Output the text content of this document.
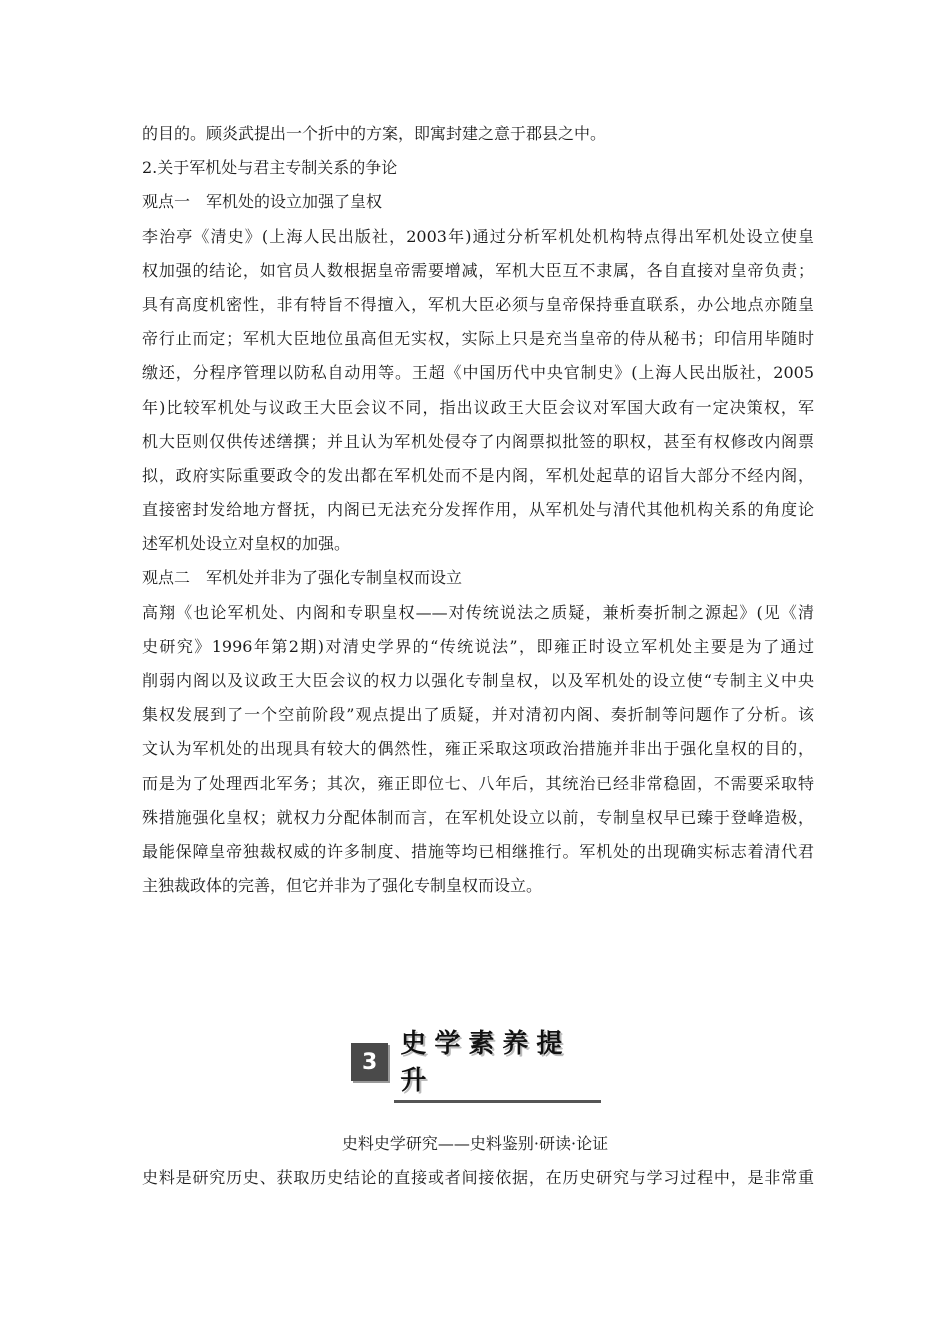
的目的。顾炎武提出一个折中的方案，即寓封建之意于郡县之中。

2.关于军机处与君主专制关系的争论

观点一　军机处的设立加强了皇权

李治亭《清史》(上海人民出版社，2003年)通过分析军机处机构特点得出军机处设立使皇

权加强的结论，如官员人数根据皇帝需要增减，军机大臣互不隶属，各自直接对皇帝负责；

具有高度机密性，非有特旨不得擅入，军机大臣必须与皇帝保持垂直联系，办公地点亦随皇

帝行止而定；军机大臣地位虽高但无实权，实际上只是充当皇帝的侍从秘书；印信用毕随时

缴还，分程序管理以防私自动用等。王超《中国历代中央官制史》(上海人民出版社，2005

年)比较军机处与议政王大臣会议不同，指出议政王大臣会议对军国大政有一定决策权，军

机大臣则仅供传述缮撰；并且认为军机处侵夺了内阁票拟批签的职权，甚至有权修改内阁票

拟，政府实际重要政令的发出都在军机处而不是内阁，军机处起草的诏旨大部分不经内阁，

直接密封发给地方督抚，内阁已无法充分发挥作用，从军机处与清代其他机构关系的角度论

述军机处设立对皇权的加强。

观点二　军机处并非为了强化专制皇权而设立

高翔《也论军机处、内阁和专职皇权——对传统说法之质疑，兼析奏折制之源起》(见《清

史研究》1996年第2期)对清史学界的“传统说法”，即雍正时设立军机处主要是为了通过

削弱内阁以及议政王大臣会议的权力以强化专制皇权，以及军机处的设立使“专制主义中央

集权发展到了一个空前阶段”观点提出了质疑，并对清初内阁、奏折制等问题作了分析。该

文认为军机处的出现具有较大的偶然性，雍正采取这项政治措施并非出于强化皇权的目的，

而是为了处理西北军务；其次，雍正即位七、八年后，其统治已经非常稳固，不需要采取特

殊措施强化皇权；就权力分配体制而言，在军机处设立以前，专制皇权早已臻于登峰造极，

最能保障皇帝独裁权威的许多制度、措施等均已相继推行。军机处的出现确实标志着清代君

主独裁政体的完善，但它并非为了强化专制皇权而设立。

3
史学素养提升
史料史学研究——史料鉴别·研读·论证
史料是研究历史、获取历史结论的直接或者间接依据，在历史研究与学习过程中，是非常重
